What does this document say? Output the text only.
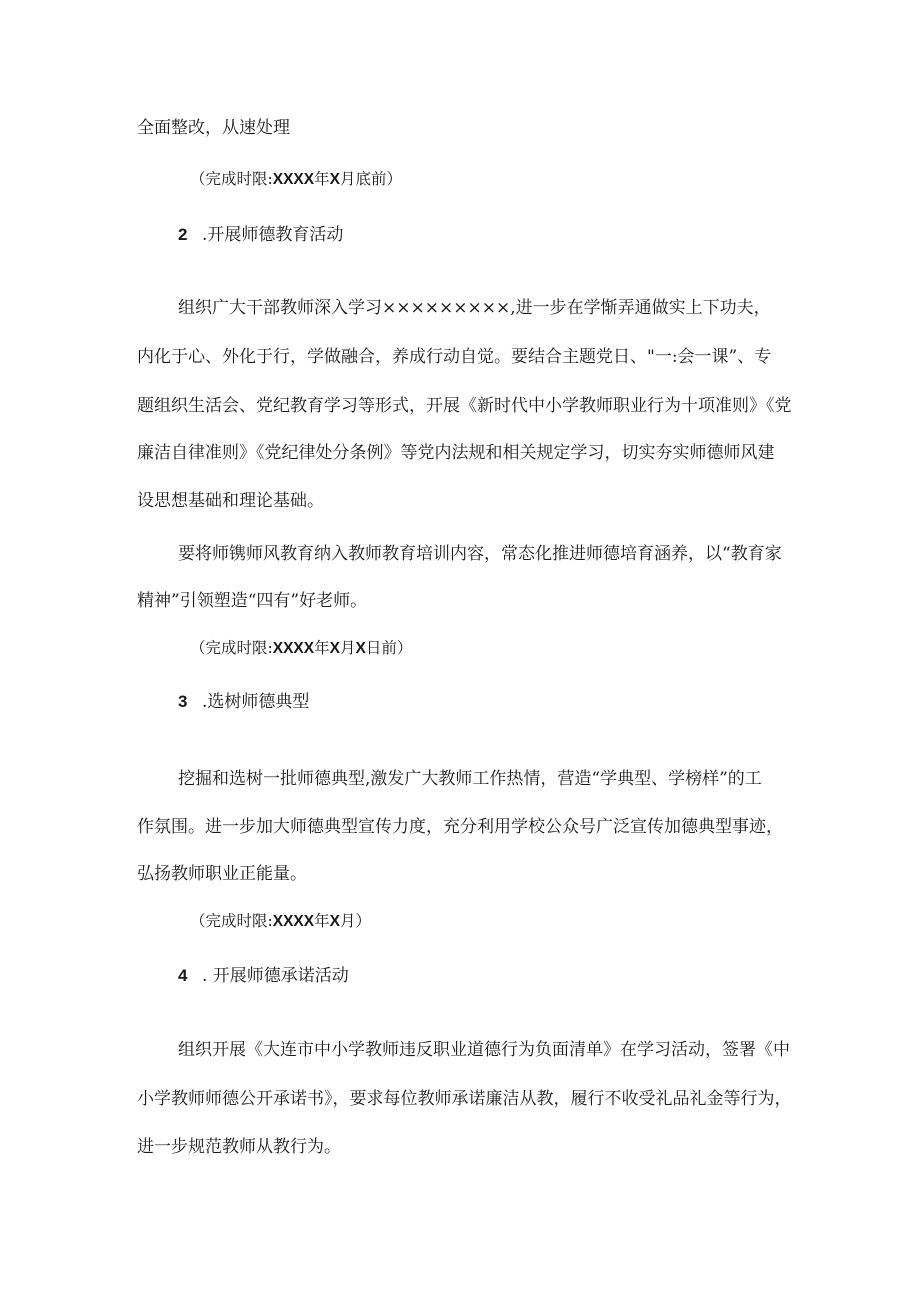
全面整改，从速处理

（完成时限:XXXX年X月底前）

2 .开展师德教育活动

组织广大干部教师深入学习×××××××××,进一步在学惭弄通做实上下功夫，

内化于心、外化于行，学做融合，养成行动自觉。要结合主题党日、"一:会一课”、专

题组织生活会、党纪教育学习等形式，开展《新时代中小学教师职业行为十项准则》《党

廉洁自律准则》《党纪律处分条例》等党内法规和相关规定学习，切实夯实师德师风建

设思想基础和理论基础。

要将师镌师风教育纳入教师教育培训内容，常态化推进师德培育涵养，以“教育家

精神”引领塑造“四有”好老师。

（完成时限:XXXX年X月X日前）

3 .选树师德典型

挖掘和选树一批师德典型,激发广大教师工作热情，营造“学典型、学榜样”的工

作氛围。进一步加大师德典型宣传力度，充分利用学校公众号广泛宣传加德典型事迹，

弘扬教师职业正能量。

（完成时限:XXXX年X月）

4 . 开展师德承诺活动

组织开展《大连市中小学教师违反职业道德行为负面清单》在学习活动，签署《中

小学教师师德公开承诺书》，要求每位教师承诺廉洁从教，履行不收受礼品礼金等行为，

进一步规范教师从教行为。
